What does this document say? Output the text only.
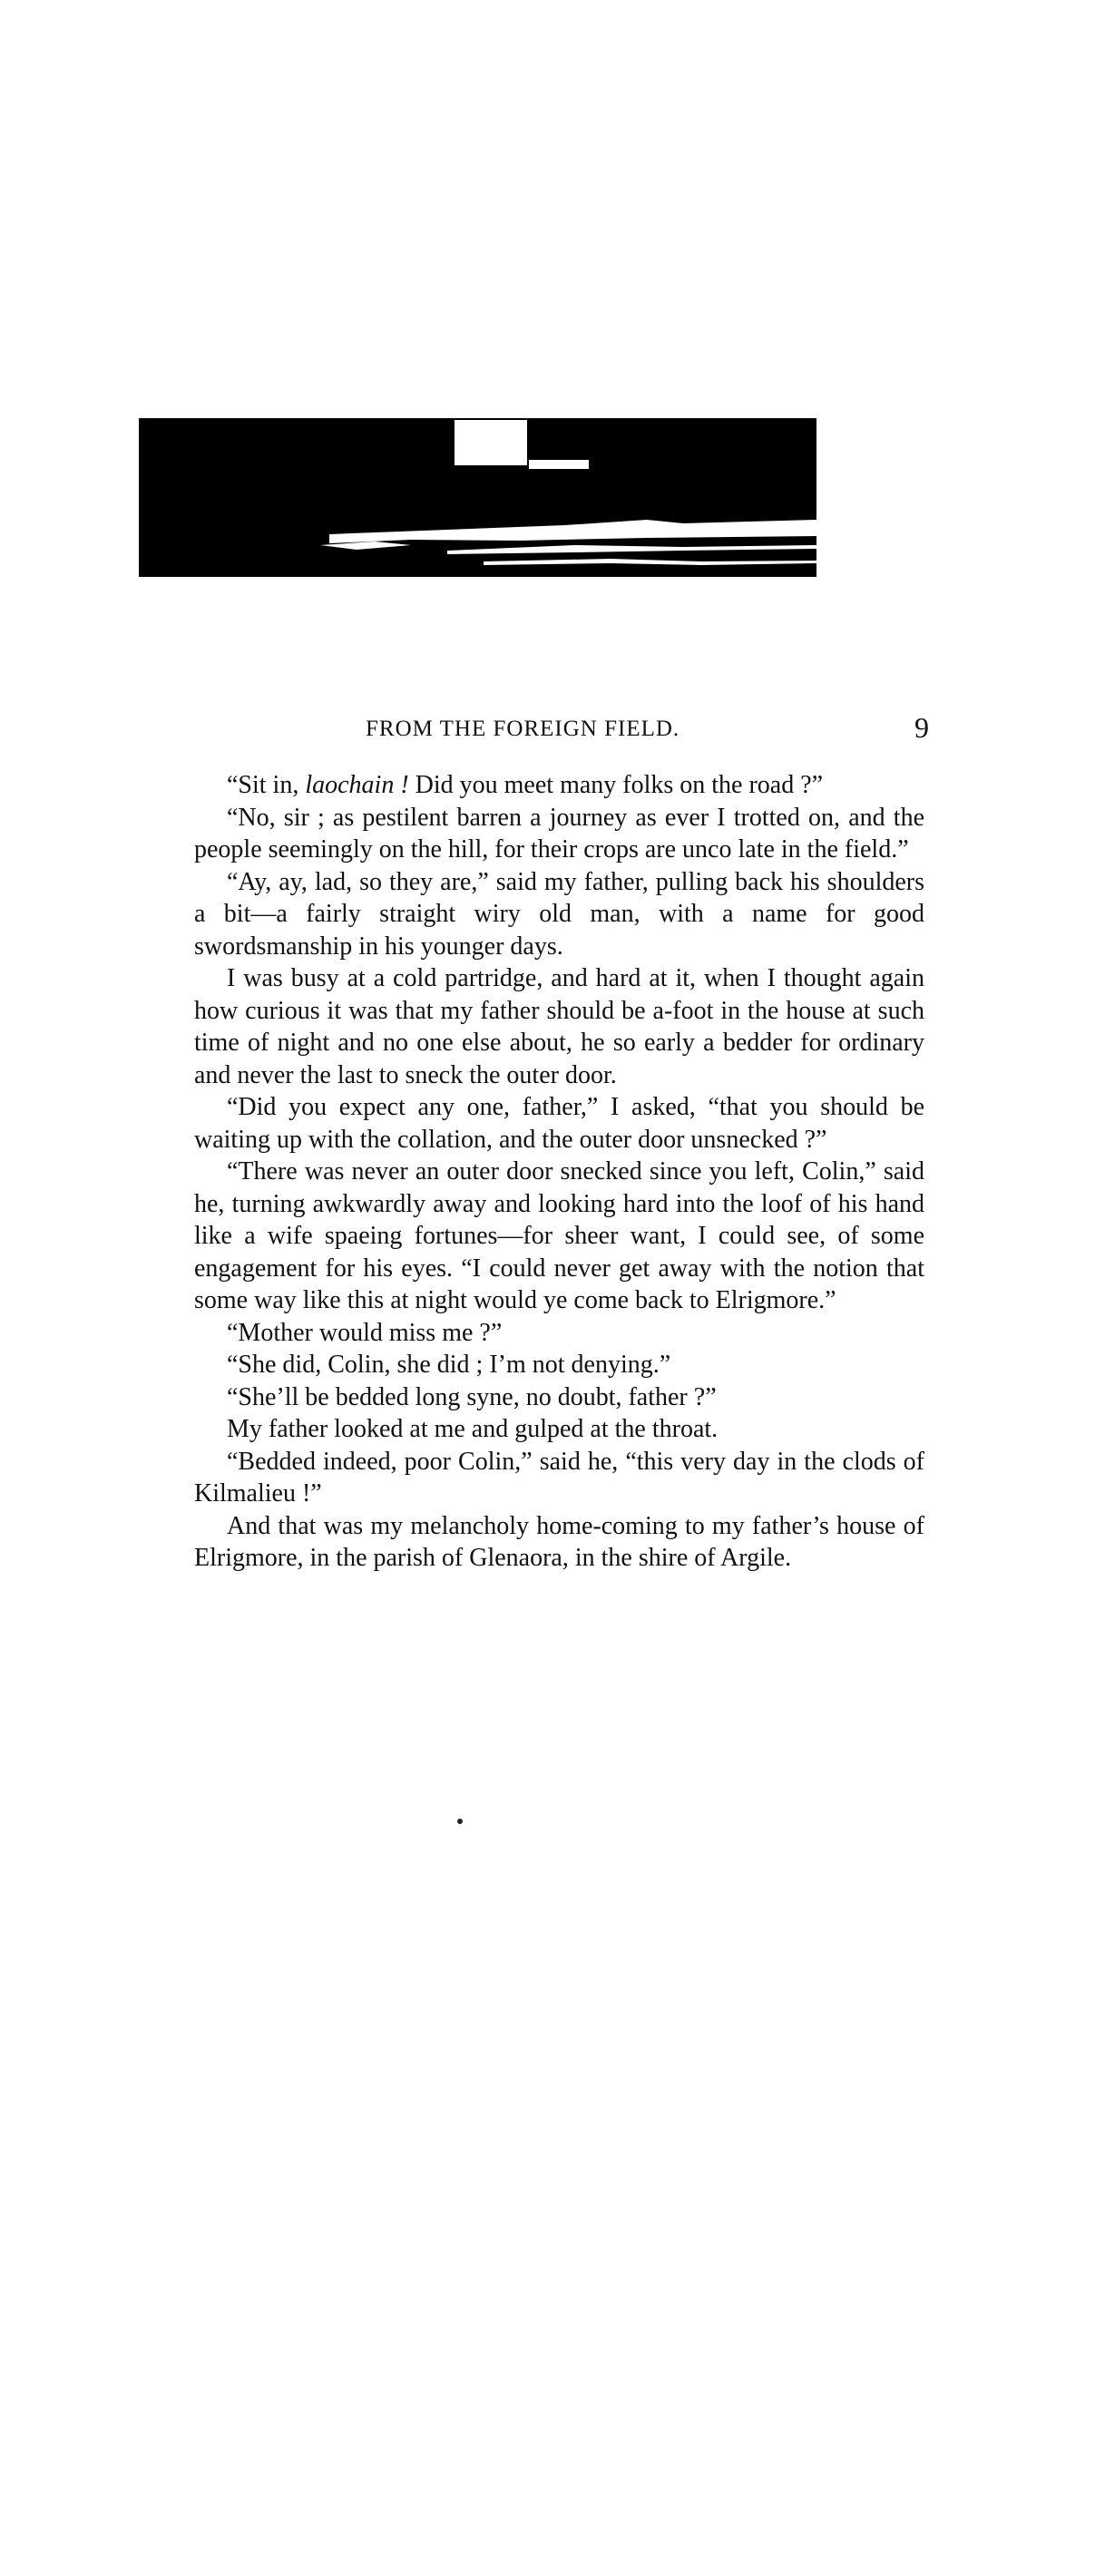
FROM THE FOREIGN FIELD.	9

“Sit in, laochain ! Did you meet many folks on the road ?”

“No, sir ; as pestilent barren a journey as ever I trotted on, and the people seemingly on the hill, for their crops are unco late in the field.”

“Ay, ay, lad, so they are,” said my father, pulling back his shoulders a bit—a fairly straight wiry old man, with a name for good swordsmanship in his younger days.

I was busy at a cold partridge, and hard at it, when I thought again how curious it was that my father should be a-foot in the house at such time of night and no one else about, he so early a bedder for ordinary and never the last to sneck the outer door.

“Did you expect any one, father,” I asked, “that you should be waiting up with the collation, and the outer door unsnecked ?”

“There was never an outer door snecked since you left, Colin,” said he, turning awkwardly away and looking hard into the loof of his hand like a wife spaeing fortunes—for sheer want, I could see, of some engagement for his eyes. “I could never get away with the notion that some way like this at night would ye come back to Elrigmore.”

“Mother would miss me ?”

“She did, Colin, she did ; I’m not denying.”

“She’ll be bedded long syne, no doubt, father ?”

My father looked at me and gulped at the throat.

“Bedded indeed, poor Colin,” said he, “this very day in the clods of Kilmalieu !”

And that was my melancholy home-coming to my father’s house of Elrigmore, in the parish of Glenaora, in the shire of Argile.
